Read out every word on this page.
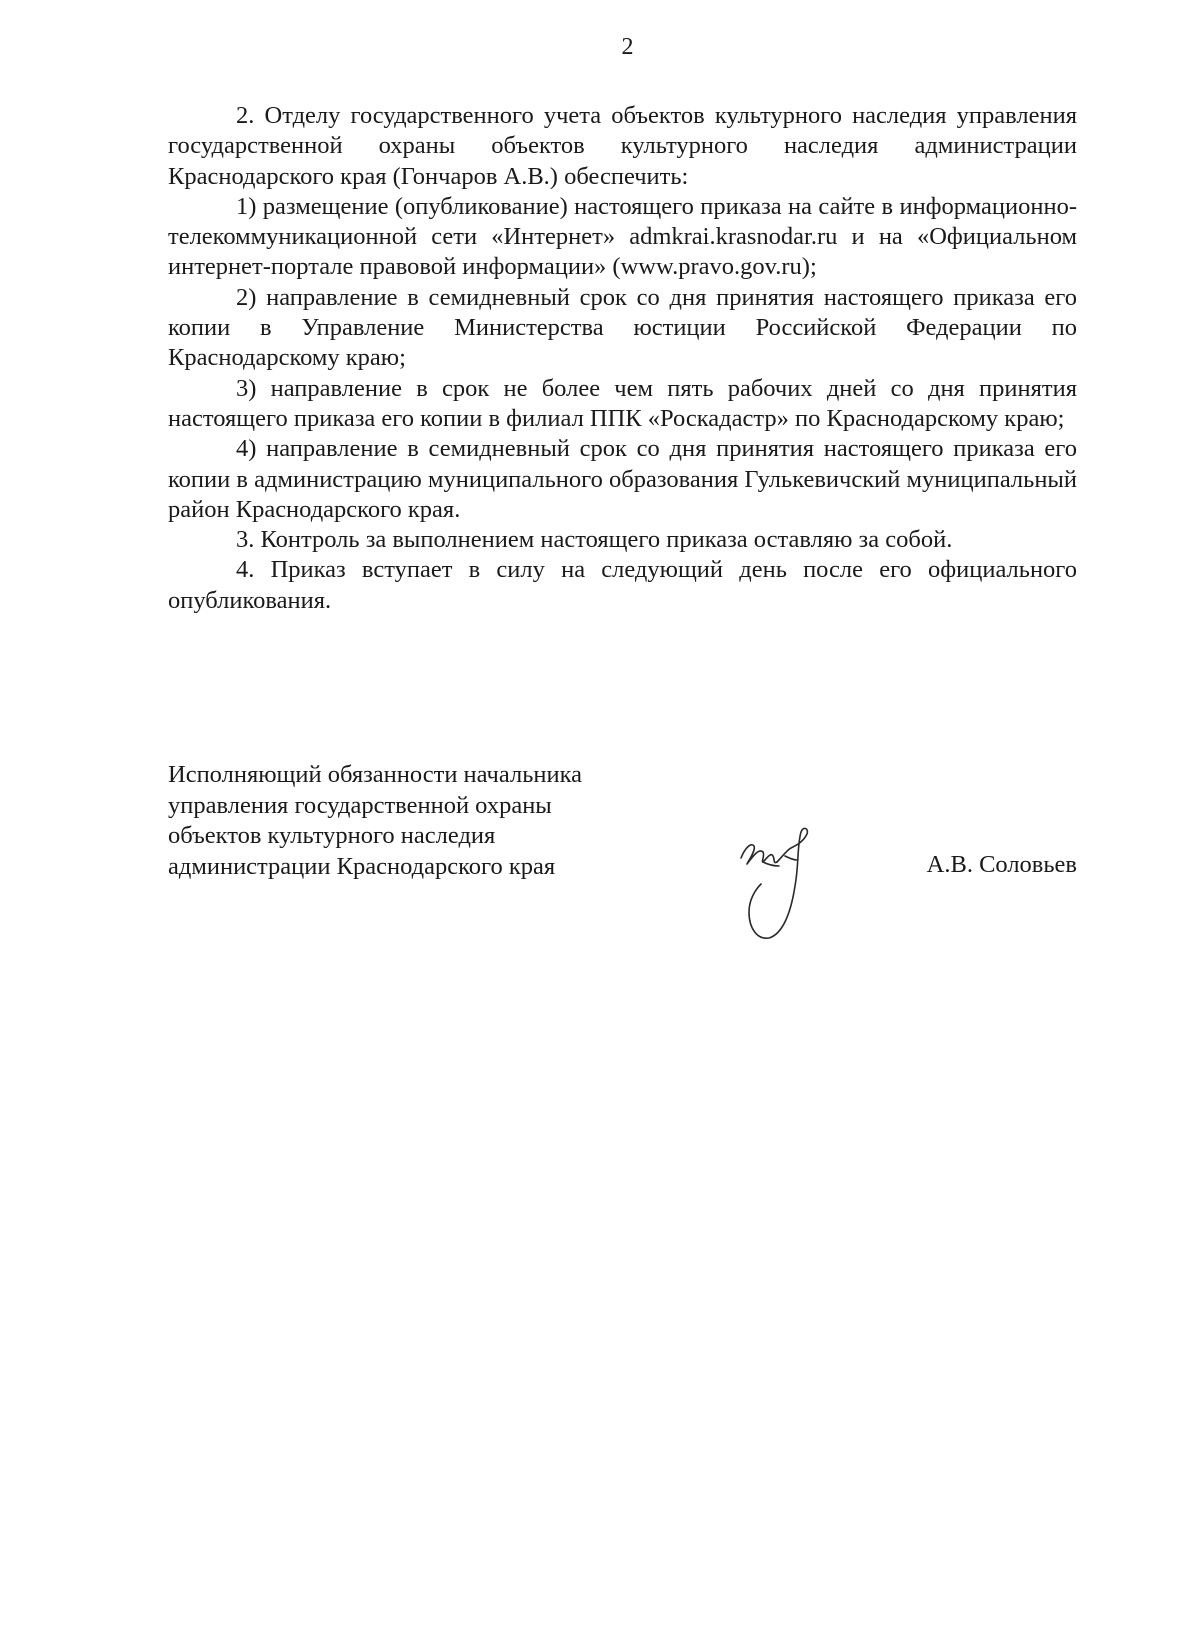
2

2. Отделу государственного учета объектов культурного наследия управления государственной охраны объектов культурного наследия администрации Краснодарского края (Гончаров А.В.) обеспечить:

1) размещение (опубликование) настоящего приказа на сайте в информационно-телекоммуникационной сети «Интернет» admkrai.krasnodar.ru и на «Официальном интернет-портале правовой информации» (www.pravo.gov.ru);

2) направление в семидневный срок со дня принятия настоящего приказа его копии в Управление Министерства юстиции Российской Федерации по Краснодарскому краю;

3) направление в срок не более чем пять рабочих дней со дня принятия настоящего приказа его копии в филиал ППК «Роскадастр» по Краснодарскому краю;

4) направление в семидневный срок со дня принятия настоящего приказа его копии в администрацию муниципального образования Гулькевичский муниципальный район Краснодарского края.

3. Контроль за выполнением настоящего приказа оставляю за собой.

4. Приказ вступает в силу на следующий день после его официального опубликования.

Исполняющий обязанности начальника
управления государственной охраны
объектов культурного наследия
администрации Краснодарского края	А.В. Соловьев
